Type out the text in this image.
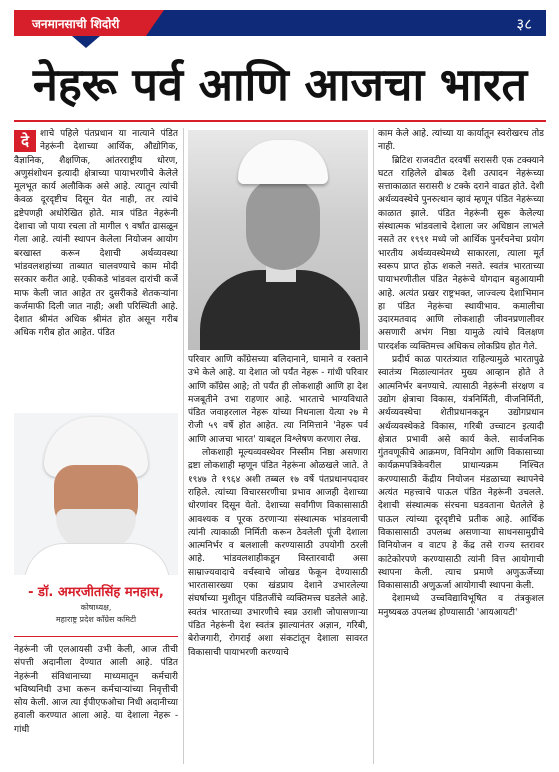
जनमानसाची शिदोरी	३८
नेहरू पर्व आणि आजचा भारत
दे	शाचे पहिले पंतप्रधान या नात्याने पंडित नेहरूंनी देशाच्या आर्थिक, औद्योगिक, वैज्ञानिक, शैक्षणिक, आंतरराष्ट्रीय धोरण, अणुसंशोधन इत्यादी क्षेत्राच्या पायाभरणीचे केलेले मूलभूत कार्य अलौकिक असे आहे. त्यातून त्यांची केवळ दूरदृष्टीच दिसून येत नाही, तर त्यांचे द्रष्टेपणही अधोरेखित होते. मात्र पंडित नेहरूंनी देशाचा जो पाया रचला तो मागील ९ वर्षांत ढासळून गेला आहे. त्यांनी स्थापन केलेला नियोजन आयोग बरखास्त करून देशाची अर्थव्यवस्था भांडवलशहांच्या ताब्यात चालवण्याचे काम मोदी सरकार करीत आहे. एकीकडे भांडवल दारांची कर्जे माफ केली जात आहेत तर दुसरीकडे शेतकऱ्यांना कर्जमाफी दिली जात नाही; अशी परिस्थिती आहे. देशात श्रीमंत अधिक श्रीमंत होत असून गरीब अधिक गरीब होत आहेत. पंडित
- डॉ. अमरजीतसिंह मनहास,
कोषाध्यक्ष,
महाराष्ट्र प्रदेश काँग्रेस कमिटी

नेहरूंनी जी एलआयसी उभी केली, आज तीची संपत्ती अदानीला देण्यात आली आहे. पंडित नेहरूंनी संविधानाच्या माध्यमातून कर्मचारी भविष्यनिधी उभा करून कर्मचाऱ्यांच्या निवृत्तीची सोय केली. आज त्या ईपीएफओचा निधी अदानीच्या हवाली करण्यात आला आहे. या देशाला नेहरू - गांधी

परिवार आणि काँग्रेसच्या बलिदानाने, घामाने व रक्ताने उभे केले आहे. या देशात जो पर्यंत नेहरू - गांधी परिवार आणि काँग्रेस आहे; तो पर्यंत ही लोकशाही आणि हा देश मजबूतीने उभा राहणार आहे. भारताचे भाग्यविधाते पंडित जवाहरलाल नेहरू यांच्या निधनाला येत्या २७ मे रोजी ५९ वर्षे होत आहेत. त्या निमित्ताने 'नेहरू पर्व आणि आजचा भारत' याबद्दल विश्लेषण करणारा लेख.

लोकशाही मूल्यव्यवस्थेवर निस्सीम निष्ठा असणारा द्रष्टा लोकशाही म्हणून पंडित नेहरूंना ओळखले जाते. ते १९४७ ते १९६४ अशी तब्बल १७ वर्षे पंतप्रधानपदावर राहिले. त्यांच्या विचारसरणीचा प्रभाव आजही देशाच्या धोरणांवर दिसून येतो. देशाच्या सर्वांगीण विकासासाठी आवश्यक व पूरक ठरणाऱ्या संस्थात्मक भांडवलाची त्यांनी त्याकाळी निर्मिती करून ठेवलेली पूंजी देशाला आत्मनिर्भर व बलशाली करण्यासाठी उपयोगी ठरली आहे. भांडवलशाहीकडून विस्तारवादी असा साम्राज्यवादाचे वर्चस्वाचे जोखड फेकून देण्यासाठी भारतासारख्या एका खंडप्राय देशाने उभारलेल्या संघर्षाच्या मुशीतून पंडितजींचे व्यक्तिमत्त्व घडलेले आहे. स्वतंत्र भारताच्या उभारणीचे स्वप्न उराशी जोपासणाऱ्या पंडित नेहरूंनी देश स्वतंत्र झाल्यानंतर अज्ञान, गरिबी, बेरोजगारी, रोगराई अशा संकटांतून देशाला सावरत विकासाची पायाभरणी करण्याचे

काम केले आहे. त्यांच्या या कार्यातून स्वरोखरच तोड नाही.

ब्रिटिश राजवटीत दरवर्षी सरासरी एक टक्क्याने घटत राहिलेले ढोबळ देशी उत्पादन नेहरूंच्या सत्ताकाळात सरासरी ४ टक्के दराने वाढत होते. देशी अर्थव्यवस्थेचे पुनरुत्थान व्हावं म्हणून पंडित नेहरूंच्या काळात झाले. पंडित नेहरूंनी सुरू केलेल्या संस्थात्मक भांडवलाचे देशाला जर अधिष्ठान लाभले नसते तर १९९१ मध्ये जो आर्थिक पुनर्रचनेचा प्रयोग भारतीय अर्थव्यवस्थेमध्ये साकारला, त्याला मूर्त स्वरूप प्राप्त होऊ शकले नसते. स्वतंत्र भारताच्या पायाभरणीतील पंडित नेहरूंचे योगदान बहुआयामी आहे. अत्यंत प्रखर राष्ट्रभक्त, जाज्वल्य देशाभिमान हा पंडित नेहरूंचा स्थायीभाव. कमालीचा उदारमतवाद आणि लोकशाही जीवनप्रणालीवर असणारी अभंग निष्ठा यामुळे त्यांचे विलक्षण पारदर्शक व्यक्तिमत्त्व अधिकच लोकप्रिय होत गेले.

प्रदीर्घ काळ पारतंत्र्यात राहिल्यामुळे भारतापुढे स्वातंत्र्य मिळाल्यानंतर मुख्य आव्हान होते ते आत्मनिर्भर बनण्याचे. त्यासाठी नेहरूंनी संरक्षण व उद्योग क्षेत्राचा विकास, यंत्रनिर्मिती, वीजनिर्मिती, अर्थव्यवस्थेचा शेतीप्रधानकडून उद्योगप्रधान अर्थव्यवस्थेकडे विकास, गरिबी उच्चाटन इत्यादी क्षेत्रात प्रभावी असे कार्य केले. सार्वजनिक गुंतवणूकीचे आक्रमण, विनियोग आणि विकासाच्या कार्यक्रमपत्रिकेवरील प्राधान्यक्रम निश्चित करण्यासाठी केंद्रीय नियोजन मंडळाच्या स्थापनेचे अत्यंत महत्त्वाचे पाऊल पंडित नेहरूंनी उचलले. देशाची संस्थात्मक संरचना घडवताना घेतलेले हे पाऊल त्यांच्या दूरदृष्टीचे प्रतीक आहे. आर्थिक विकासासाठी उपलब्ध असणाऱ्या साधनसामुग्रीचे विनियोजन व वाटप हे केंद्र तसे राज्य स्तरावर काटेकोरपणे करण्यासाठी त्यांनी वित्त आयोगाची स्थापना केली. त्याच प्रमाणे अणुऊर्जेच्या विकासासाठी अणुऊर्जा आयोगाची स्थापना केली.

देशामध्ये उच्चविद्याविभूषित व तंत्रकुशल मनुष्यबळ उपलब्ध होण्यासाठी 'आयआयटी'
